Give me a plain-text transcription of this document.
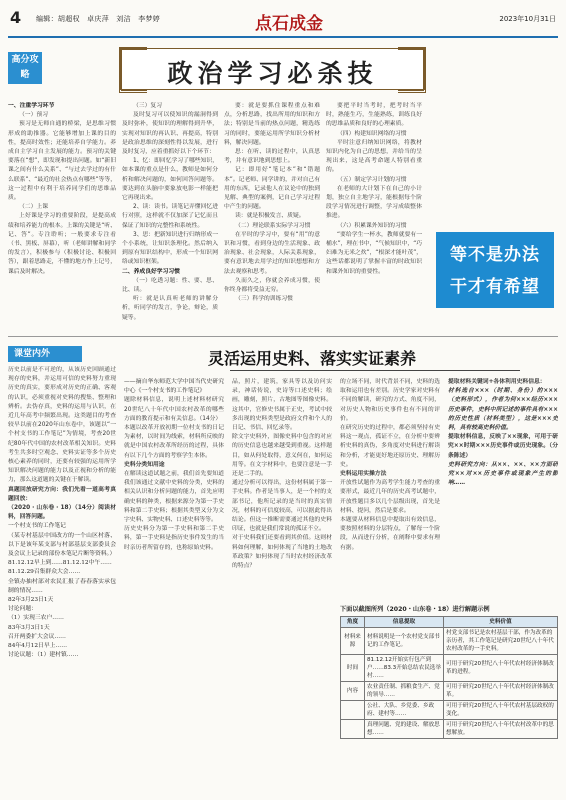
4 编辑：胡超权　卓庆萍　刘洁　李梦婷	点石成金	2023年10月31日
高分攻略	政治学习必杀技
一、注重学习环节
（一）预习
预习是无师自通的桥梁，是思维习惯形成的助推器。它能够增加上课的目的性，提高时效性；还能培养自学能力。养成自主学习自主发展的能力。预习的关键要落在“想”，即发现和提出问题。如“新旧课之间有什么关系”、“与过去学过的有什么联系”、“最近的社会热点有哪些”等等，这一过程中有利于培养同学们的思维品质。
（二）上课
上好课是学习的重要阶段，是提高成绩和培养能力的根本。上课的关键是“听、记、答”。专注聆听；一般要求专注看（书、黑板、屏幕），听（老师讲解和同学的发言），积极参与（积极讨论、积极回答），跟着思路走，不懂的地方作上记号，课后及时解决。
（三）复习
及时复习可以使知识的漏洞得到及时弥补，使知识的理解得到升华，实现对知识的再认识、再提高，特别是政治思维的深刻性得以发展，进行及时复习，应着重抓好以下个环节：
1、忆：即回忆学习了哪些知识，如本课的重点是什么，教师是如何分析和解决问题的，如何回答问题等。要达到在头脑中要象放电影一样能把它再现出来。
2、读：读书。读笔记弄懂回忆进行对照，这样就不仅加深了记忆而且保证了知识的完整性和系统性。
3、思：把新知识进行归纳形成一个小系统，让知识条理化。然后纳入到原有知识结构中，形成一个知识网络或知识框架。
二、养成良好学习习惯
（一）吃透习题：性、要、思、比、读。
听：就是认真听老师的讲解分析，听同学的发言，争论，辩论，质疑等。
要：就是要抓住课程重点和难点，分析思路，找出所用的知识和方法；特别是当前的热点问题，精选练习的同时，要能运用所学知识分析材料，解决问题。
思：在听、读的过程中，认真思考，并有意识地到思想上。
记：即用好“笔记本”和“错题本”。记老师、同学讲的，并对自己有用的东西，记录他人在议论中的独到见解、典型的案例，记自己学习过程中产生的问题。
读：就是积极发言、质疑。
（二）理论联系实际学习习惯
在平时的学习中，要有“用”的意识和习惯，看到身边的生活现象、政治现象、社会现象，人际关系现象，要有意识地去用学过的知识想想和方法去观察和思考。
久而久之，你就会养成习惯，使你终身都将受益无穷。
（三）科学的训练习惯
要把平时当考时，把考时当平时，熟能生巧，生能熟练，训练良好的思维品质和良好的心理素质。
（四）构建知识网络的习惯
平时注意归纳知识网络，将教材知识内化为自己的思想，并给当的呈现出来，这是高考命题人特别看重的。
（五）制定学习计划的习惯
在老师的大计划下在自己的小计划，独立自主地学习，能根据每个阶段学习情况进行调整，学习成绩整体推进。
（六）积累课外知识的习惯
“要给学生一杯水，教师就要有一桶水”，理在书中，“气候知识中，“巧妇难为无米之炊”，“根深才能叶茂”，这些话都说明了掌握丰富的时政知识和课外知识的重要性。
等不是办法
干才有希望
课堂内外	灵活运用史料、落实实证素养
历史以前是不可逆的，从该历史回顾通过现存的史料，并运用可信的史料努力重现历史的真实，要形成对历史的正确、客观的认识，必须重视对史料的搜集、整理和辨析。去伪存真，史料的运用与认识，在近几年高考中频繁出现。这类题目的考查较早以前在2020年山东卷中，该题以“一个村支书的工作笔记”为情境，考查20世纪80年代中国的农村改革相关知识。史料考生共多时空观念、史料实证等多个历史核心素养的同时，还要有较强的运用所学知识解决问题的能力以及正视和分析的能力，那么这道题的关键在于解读。
真题回放研究方向：我们先看一道高考真题回放：
（2020・山东卷・18）（14分）阅读材料，回答问题。
一个村支书的工作笔记
（某专村基层中国改方的一个山区村落、以下是该年某支部与村部基层支部委员会及会议上记录的部份本笔记片断等资料。）
81.12.12早上到……81.12.12中午……
81.12.29召集群众大会……
全镇办抽村部对农民汇报了春春落实承包制的情况……
82年3月23日1天
讨论问题：
（1）实现三农户……
83年3月3日1天
召开两委扩大会议……
84年4月12日早上……
讨论议题：（1）建村镇……
——摘自华东师范大学中国当代史研究中心《一个村支书的工作笔记》
题除材料信息，说明上述材料材研究20世纪八十年代中国农村改革的哪些方面的教育提示和有关信息。（14分）
本题以改革开放初期一位村支书的日记为素材，以时间为线索，材料所反映的就是中国农村改革所经历的过程，具体有以下几个方面的考察学生本体。
史料分类知用途
在解读这道试题之前，我们首先要知道我们该通过文献中史料的分类，史料的相关认识和分析问题的能力，首先应明确史料的种类，根据来源分为第一手史料和第二手史料；根据其类型又分为文字史料、实物史料、口述史料等等。
历史史料分为第一手史料和第二手史料，第一手史料是指历史事件发生的当时亲历者所留存的，也称原始史料。
品，照片，建筑，家具等以及访问实录，神话传说，史诗等口述史料；绘画，雕刻，照片，古地图等图像史料。这其中，官修史书属于正史，考试中较多出现的史料类型是政府文件和个人的日记、书信、回忆录等。
除文字史料外，图像史料中包含的对应的历史信息也越来越受到重视。这样题目，如从何处取得，意义何在，如何运用等。在文字材料中，也要注意是一手还是二手的。
通过分析可以得出，这份材料属于第一手史料。作者是当事人，是一个村的支部书记，他所记录的是当时的真实情况，材料的可信度较高，可以据此得出结论。但这一推断需要通过其他的史料印证，也就是我们常说的孤证不立。
对于史料我们还要看到其价值。这则材料如何理解，如何体现了当地的土地改革政策？如何体现了当时农村经济改革的特点？
的立场不同，时代背景不同，史料的选取和运用也有差别。历史学家对史料有不同的解读，研究的方式、角度不同，对历史人物和历史事件也有不同的评价。
在研究历史的过程中，都必须坚持有史料这一观点，孤证不立，在分析中要辨析史料的真伪，多角度对史料进行解读和分析，才能更好地还原历史、理解历史。
史料运用实操方法
开放性试题作为高考学生能力考查的重要形式，最近几年的历史高考试题中，开放性题目多以几个层级出现，首先是材料、提问，然后是要求。
本题要从材料信息中提取出有效信息，要按照材料的分层特点，了解每一个阶段，从而进行分析，在阐释中要求有理有据。
提取材料关键词+各体利用史料信息：
材料选自×××（时期、身份）的×××（史料形式），作者为何×××经历×××历史事件，史料中所记述的事件具有×××的历史性质（材料类型），这是×××史料，具有较高史料价值。
提取材料信息，反映了××现象，可用于研究××时期×××历史事件或历史现象。（分条陈述）
史料研究方向：从××、××、××方面研究××对××历史事件或现象产生的影响……
下面以截图所列（2020・山东卷・18）进行解题示例
角度	信息提取	史料价值
材料来源	材料说明是一个农村党支部书记的工作笔记。	村党支部书记是农村基层干部，作为改革的亲历者，其工作笔记是研究20世纪八十年代农村改革的一手史料。
时间	81.12.12开始实行包产到户……83.3开始总结农民选举村……	可用于研究20世纪八十年代农村经济体制改革的进程。
内容	农业责任制、抓粮食生产、党的领导……	可用于研究20世纪八十年代农村经济体制改革。
	公社、大队、乡党委、乡政府、建村等……	可用于研究20世纪八十年代农村基层政权的变化。
	真理问题、党的建设、解放思想……	可用于研究20世纪八十年代农村改革中的思想解放。
